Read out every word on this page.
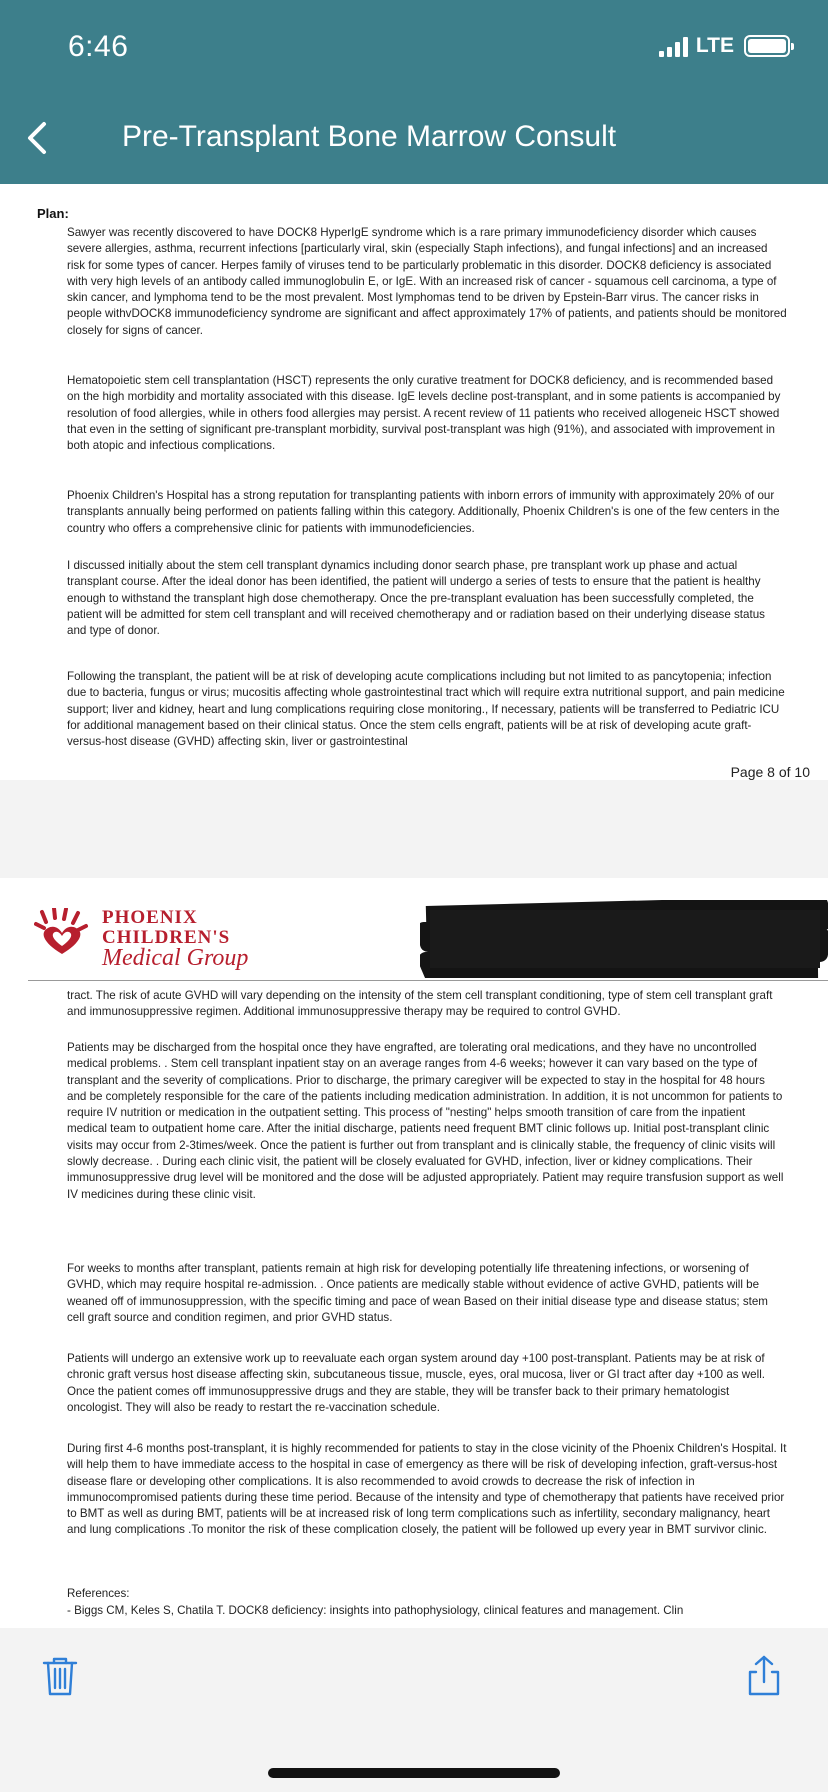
6:46	LTE
Pre-Transplant Bone Marrow Consult
Plan:

Sawyer was recently discovered to have DOCK8 HyperIgE syndrome which is a rare primary immunodeficiency disorder which causes severe allergies, asthma, recurrent infections [particularly viral, skin (especially Staph infections), and fungal infections] and an increased risk for some types of cancer. Herpes family of viruses tend to be particularly problematic in this disorder. DOCK8 deficiency is associated with very high levels of an antibody called immunoglobulin E, or IgE. With an increased risk of cancer - squamous cell carcinoma, a type of skin cancer, and lymphoma tend to be the most prevalent. Most lymphomas tend to be driven by Epstein-Barr virus. The cancer risks in people withvDOCK8 immunodeficiency syndrome are significant and affect approximately 17% of patients, and patients should be monitored closely for signs of cancer.

Hematopoietic stem cell transplantation (HSCT) represents the only curative treatment for DOCK8 deficiency, and is recommended based on the high morbidity and mortality associated with this disease. IgE levels decline post-transplant, and in some patients is accompanied by resolution of food allergies, while in others food allergies may persist. A recent review of 11 patients who received allogeneic HSCT showed that even in the setting of significant pre-transplant morbidity, survival post-transplant was high (91%), and associated with improvement in both atopic and infectious complications.

Phoenix Children's Hospital has a strong reputation for transplanting patients with inborn errors of immunity with approximately 20% of our transplants annually being performed on patients falling within this category. Additionally, Phoenix Children's is one of the few centers in the country who offers a comprehensive clinic for patients with immunodeficiencies.

I discussed initially about the stem cell transplant dynamics including donor search phase, pre transplant work up phase and actual transplant course. After the ideal donor has been identified, the patient will undergo a series of tests to ensure that the patient is healthy enough to withstand the transplant high dose chemotherapy. Once the pre-transplant evaluation has been successfully completed, the patient will be admitted for stem cell transplant and will received chemotherapy and or radiation based on their underlying disease status and type of donor.

Following the transplant, the patient will be at risk of developing acute complications including but not limited to as pancytopenia; infection due to bacteria, fungus or virus; mucositis affecting whole gastrointestinal tract which will require extra nutritional support, and pain medicine support; liver and kidney, heart and lung complications requiring close monitoring., If necessary, patients will be transferred to Pediatric ICU for additional management based on their clinical status. Once the stem cells engraft, patients will be at risk of developing acute graft-versus-host disease (GVHD) affecting skin, liver or gastrointestinal

Page 8 of 10
PHOENIX
CHILDREN'S
Medical Group

tract. The risk of acute GVHD will vary depending on the intensity of the stem cell transplant conditioning, type of stem cell transplant graft and immunosuppressive regimen. Additional immunosuppressive therapy may be required to control GVHD.

Patients may be discharged from the hospital once they have engrafted, are tolerating oral medications, and they have no uncontrolled medical problems. . Stem cell transplant inpatient stay on an average ranges from 4-6 weeks; however it can vary based on the type of transplant and the severity of complications. Prior to discharge, the primary caregiver will be expected to stay in the hospital for 48 hours and be completely responsible for the care of the patients including medication administration. In addition, it is not uncommon for patients to require IV nutrition or medication in the outpatient setting. This process of "nesting" helps smooth transition of care from the inpatient medical team to outpatient home care. After the initial discharge, patients need frequent BMT clinic follows up. Initial post-transplant clinic visits may occur from 2-3times/week. Once the patient is further out from transplant and is clinically stable, the frequency of clinic visits will slowly decrease. . During each clinic visit, the patient will be closely evaluated for GVHD, infection, liver or kidney complications. Their immunosuppressive drug level will be monitored and the dose will be adjusted appropriately. Patient may require transfusion support as well IV medicines during these clinic visit.

For weeks to months after transplant, patients remain at high risk for developing potentially life threatening infections, or worsening of GVHD, which may require hospital re-admission. . Once patients are medically stable without evidence of active GVHD, patients will be weaned off of immunosuppression, with the specific timing and pace of wean Based on their initial disease type and disease status; stem cell graft source and condition regimen, and prior GVHD status.

Patients will undergo an extensive work up to reevaluate each organ system around day +100 post-transplant. Patients may be at risk of chronic graft versus host disease affecting skin, subcutaneous tissue, muscle, eyes, oral mucosa, liver or GI tract after day +100 as well. Once the patient comes off immunosuppressive drugs and they are stable, they will be transfer back to their primary hematologist oncologist. They will also be ready to restart the re-vaccination schedule.

During first 4-6 months post-transplant, it is highly recommended for patients to stay in the close vicinity of the Phoenix Children's Hospital. It will help them to have immediate access to the hospital in case of emergency as there will be risk of developing infection, graft-versus-host disease flare or developing other complications. It is also recommended to avoid crowds to decrease the risk of infection in immunocompromised patients during these time period. Because of the intensity and type of chemotherapy that patients have received prior to BMT as well as during BMT, patients will be at increased risk of long term complications such as infertility, secondary malignancy, heart and lung complications .To monitor the risk of these complication closely, the patient will be followed up every year in BMT survivor clinic.

References:

- Biggs CM, Keles S, Chatila T. DOCK8 deficiency: insights into pathophysiology, clinical features and management. Clin
